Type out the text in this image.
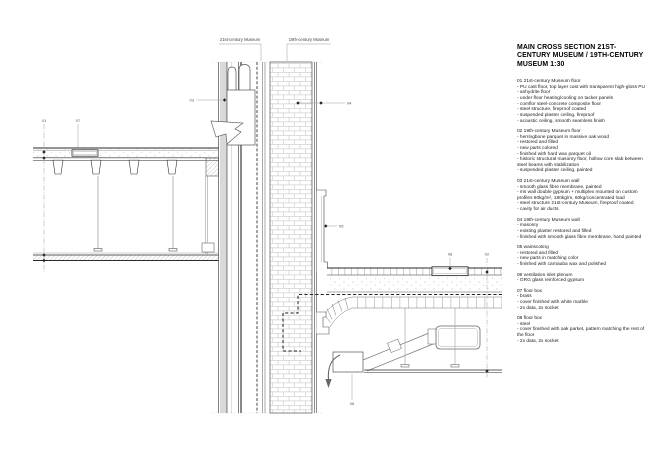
21st-century Museum	19th-century Museum
03
04
01	07
05
06
02
08
MAIN CROSS SECTION 21ST-CENTURY MUSEUM / 19TH-CENTURY MUSEUM 1:30
01 21st-century Museum floor
- PU cast floor, top layer cast with transparent high-gloss PU
- anhydrite floor
- under floor heating/cooling on tacker panels
- comflor steel-concrete composite floor
- steel structure, fireproof coated
- suspended plaster ceiling, fireproof
- acoustic ceiling, smooth seamless finish
02 19th-century Museum floor
- herringbone parquet in massive oak wood
- restored and filled
- new parts colored
- finished with hard wax parquet oil
- historic structural masonry floor, hollow core slab between steel beams with stabilization
- suspended plaster ceiling, painted
03 21st-century Museum wall
- smooth glass fibre membrane, painted
- ms wall double gypsum + multiplex mounted on custom profiles 60kg/m², 180kg/m, 60kg/concentrated load
- steel structure 21st-century Museum, fireproof coated
- cavity for air ducts
04 19th-century Museum wall
- masonry
- existing plaster restored and filled
- finished with smooth glass fibre membrane, hand painted
05 wainscoting
- restored and filled
- new parts in matching color
- finished with carnauba wax and polished
06 ventilation inlet plenum
- GRG glass reinforced gypsum
07 floor box
- brass
- cover finished with white marble
- 2x data, 2x socket
08 floor box
- steel
- cover finished with oak parket, pattern matching the rest of the floor
- 2x data, 2x socket
